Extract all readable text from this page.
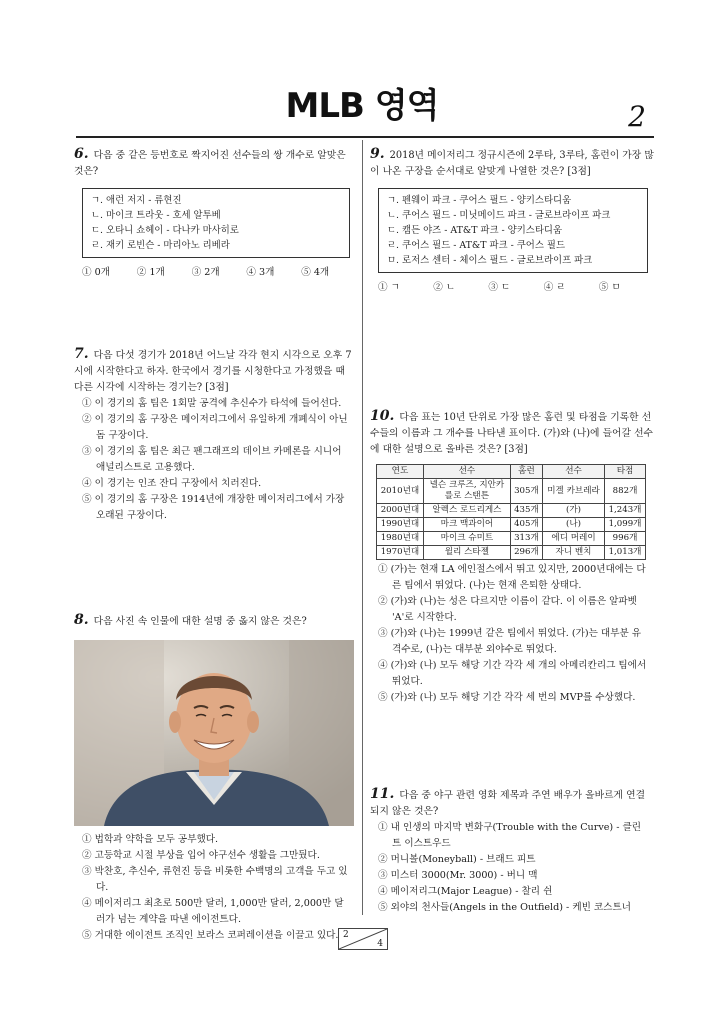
MLB 영역	2

6. 다음 중 같은 등번호로 짝지어진 선수들의 쌍 개수로 알맞은 것은?

ㄱ. 애런 저지 - 류현진

ㄴ. 마이크 트라웃 - 호세 알투베

ㄷ. 오타니 쇼헤이 - 다나카 마사히로

ㄹ. 재키 로빈슨 - 마리아노 리베라

① 0개	② 1개	③ 2개	④ 3개	⑤ 4개

7. 다음 다섯 경기가 2018년 어느날 각각 현지 시각으로 오후 7시에 시작한다고 하자. 한국에서 경기를 시청한다고 가정했을 때 다른 시각에 시작하는 경기는? [3점]

① 이 경기의 홈 팀은 1회말 공격에 추신수가 타석에 들어선다.

② 이 경기의 홈 구장은 메이저리그에서 유일하게 개폐식이 아닌 돔 구장이다.

③ 이 경기의 홈 팀은 최근 팬그래프의 데이브 카메론을 시니어 애널리스트로 고용했다.

④ 이 경기는 인조 잔디 구장에서 치러진다.

⑤ 이 경기의 홈 구장은 1914년에 개장한 메이저리그에서 가장 오래된 구장이다.

8. 다음 사진 속 인물에 대한 설명 중 옳지 않은 것은?

① 법학과 약학을 모두 공부했다.

② 고등학교 시절 부상을 입어 야구선수 생활을 그만뒀다.

③ 박찬호, 추신수, 류현진 등을 비롯한 수백명의 고객을 두고 있다.

④ 메이저리그 최초로 500만 달러, 1,000만 달러, 2,000만 달러가 넘는 계약을 따낸 에이전트다.

⑤ 거대한 에이전트 조직인 보라스 코퍼레이션을 이끌고 있다.

9. 2018년 메이저리그 정규시즌에 2루타, 3루타, 홈런이 가장 많이 나온 구장을 순서대로 알맞게 나열한 것은? [3점]

ㄱ. 펜웨이 파크 - 쿠어스 필드 - 양키스타디움

ㄴ. 쿠어스 필드 - 미닛메이드 파크 - 글로브라이프 파크

ㄷ. 캠든 야즈 - AT&T 파크 - 양키스타디움

ㄹ. 쿠어스 필드 - AT&T 파크 - 쿠어스 필드

ㅁ. 로저스 센터 - 체이스 필드 - 글로브라이프 파크

① ㄱ	② ㄴ	③ ㄷ	④ ㄹ	⑤ ㅁ

10. 다음 표는 10년 단위로 가장 많은 홈런 및 타점을 기록한 선수들의 이름과 그 개수를 나타낸 표이다. (가)와 (나)에 들어갈 선수에 대한 설명으로 올바른 것은? [3점]

연도	선수	홈런	선수	타점
2010년대	넬슨 크루즈, 지안카를로 스탠튼	305개	미겔 카브레라	882개
2000년대	알렉스 로드리게스	435개	(가)	1,243개
1990년대	마크 맥과이어	405개	(나)	1,099개
1980년대	마이크 슈미트	313개	에디 머레이	996개
1970년대	윌리 스타젤	296개	자니 벤치	1,013개

① (가)는 현재 LA 에인절스에서 뛰고 있지만, 2000년대에는 다른 팀에서 뛰었다. (나)는 현재 은퇴한 상태다.

② (가)와 (나)는 성은 다르지만 이름이 같다. 이 이름은 알파벳 'A'로 시작한다.

③ (가)와 (나)는 1999년 같은 팀에서 뛰었다. (가)는 대부분 유격수로, (나)는 대부분 외야수로 뛰었다.

④ (가)와 (나) 모두 해당 기간 각각 세 개의 아메리칸리그 팀에서 뛰었다.

⑤ (가)와 (나) 모두 해당 기간 각각 세 번의 MVP를 수상했다.

11. 다음 중 야구 관련 영화 제목과 주연 배우가 올바르게 연결되지 않은 것은?

① 내 인생의 마지막 변화구(Trouble with the Curve) - 클린트 이스트우드

② 머니볼(Moneyball) - 브래드 피트

③ 미스터 3000(Mr. 3000) - 버니 맥

④ 메이저리그(Major League) - 찰리 쉰

⑤ 외야의 천사들(Angels in the Outfield) - 케빈 코스트너

2
4
